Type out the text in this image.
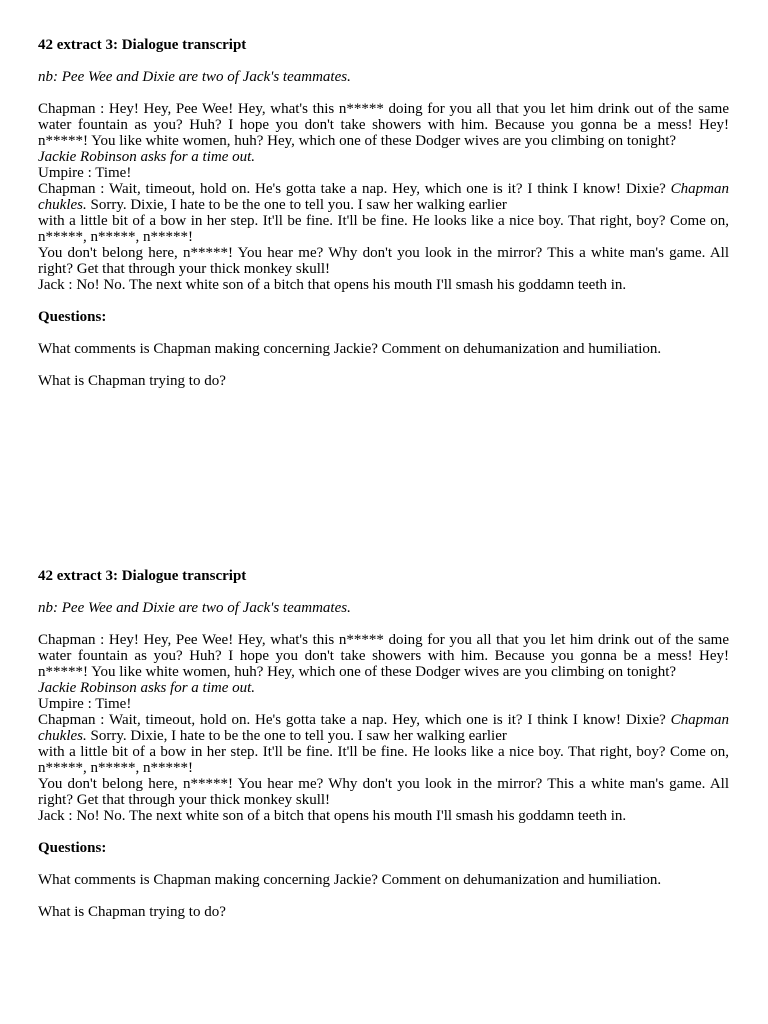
42 extract 3: Dialogue transcript

nb: Pee Wee and Dixie are two of Jack's teammates.

Chapman : Hey! Hey, Pee Wee! Hey, what's this n***** doing for you all that you let him drink out of the same water fountain as you? Huh? I hope you don't take showers with him. Because you gonna be a mess! Hey! n*****! You like white women, huh? Hey, which one of these Dodger wives are you climbing on tonight?

Jackie Robinson asks for a time out.

Umpire : Time!

Chapman : Wait, timeout, hold on. He's gotta take a nap. Hey, which one is it? I think I know! Dixie? Chapman chukles. Sorry. Dixie, I hate to be the one to tell you. I saw her walking earlier

with a little bit of a bow in her step. It'll be fine. It'll be fine. He looks like a nice boy. That right, boy? Come on, n*****, n*****, n*****!

You don't belong here, n*****! You hear me? Why don't you look in the mirror? This a white man's game. All right? Get that through your thick monkey skull!

Jack : No! No. The next white son of a bitch that opens his mouth I'll smash his goddamn teeth in.

Questions:

What comments is Chapman making concerning Jackie? Comment on dehumanization and humiliation.

What is Chapman trying to do?

42 extract 3: Dialogue transcript

nb: Pee Wee and Dixie are two of Jack's teammates.

Chapman : Hey! Hey, Pee Wee! Hey, what's this n***** doing for you all that you let him drink out of the same water fountain as you? Huh? I hope you don't take showers with him. Because you gonna be a mess! Hey! n*****! You like white women, huh? Hey, which one of these Dodger wives are you climbing on tonight?

Jackie Robinson asks for a time out.

Umpire : Time!

Chapman : Wait, timeout, hold on. He's gotta take a nap. Hey, which one is it? I think I know! Dixie? Chapman chukles. Sorry. Dixie, I hate to be the one to tell you. I saw her walking earlier

with a little bit of a bow in her step. It'll be fine. It'll be fine. He looks like a nice boy. That right, boy? Come on, n*****, n*****, n*****!

You don't belong here, n*****! You hear me? Why don't you look in the mirror? This a white man's game. All right? Get that through your thick monkey skull!

Jack : No! No. The next white son of a bitch that opens his mouth I'll smash his goddamn teeth in.

Questions:

What comments is Chapman making concerning Jackie? Comment on dehumanization and humiliation.

What is Chapman trying to do?
